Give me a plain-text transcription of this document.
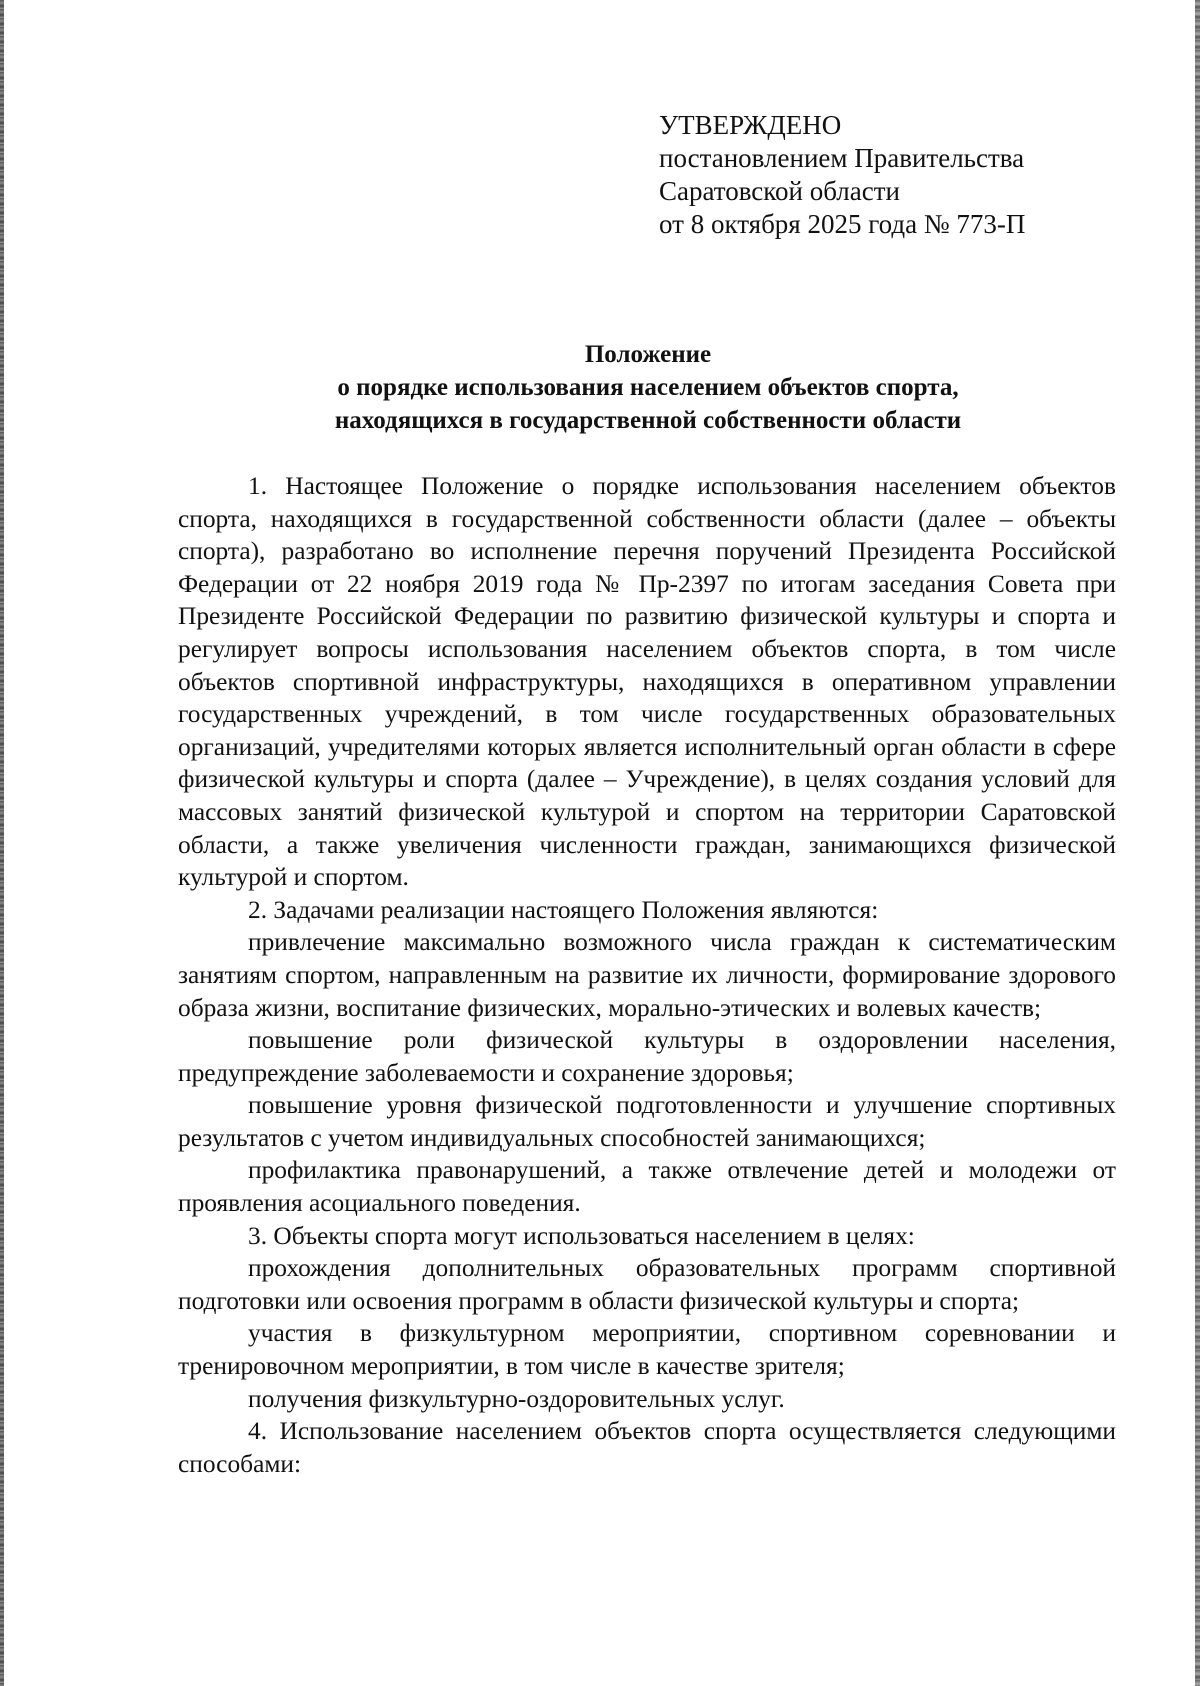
УТВЕРЖДЕНО
постановлением Правительства
Саратовской области
от 8 октября 2025 года № 773-П
Положение
о порядке использования населением объектов спорта,
находящихся в государственной собственности области

1. Настоящее Положение о порядке использования населением объектов спорта, находящихся в государственной собственности области (далее – объекты спорта), разработано во исполнение перечня поручений Президента Российской Федерации от 22 ноября 2019 года № Пр-2397 по итогам заседания Совета при Президенте Российской Федерации по развитию физической культуры и спорта и регулирует вопросы использования населением объектов спорта, в том числе объектов спортивной инфраструктуры, находящихся в оперативном управлении государственных учреждений, в том числе государственных образовательных организаций, учредителями которых является исполнительный орган области в сфере физической культуры и спорта (далее – Учреждение), в целях создания условий для массовых занятий физической культурой и спортом на территории Саратовской области, а также увеличения численности граждан, занимающихся физической культурой и спортом.

2. Задачами реализации настоящего Положения являются:

привлечение максимально возможного числа граждан к систематическим занятиям спортом, направленным на развитие их личности, формирование здорового образа жизни, воспитание физических, морально-этических и волевых качеств;

повышение роли физической культуры в оздоровлении населения, предупреждение заболеваемости и сохранение здоровья;

повышение уровня физической подготовленности и улучшение спортивных результатов с учетом индивидуальных способностей занимающихся;

профилактика правонарушений, а также отвлечение детей и молодежи от проявления асоциального поведения.

3. Объекты спорта могут использоваться населением в целях:

прохождения дополнительных образовательных программ спортивной подготовки или освоения программ в области физической культуры и спорта;

участия в физкультурном мероприятии, спортивном соревновании и тренировочном мероприятии, в том числе в качестве зрителя;

получения физкультурно-оздоровительных услуг.

4. Использование населением объектов спорта осуществляется следующими способами:
